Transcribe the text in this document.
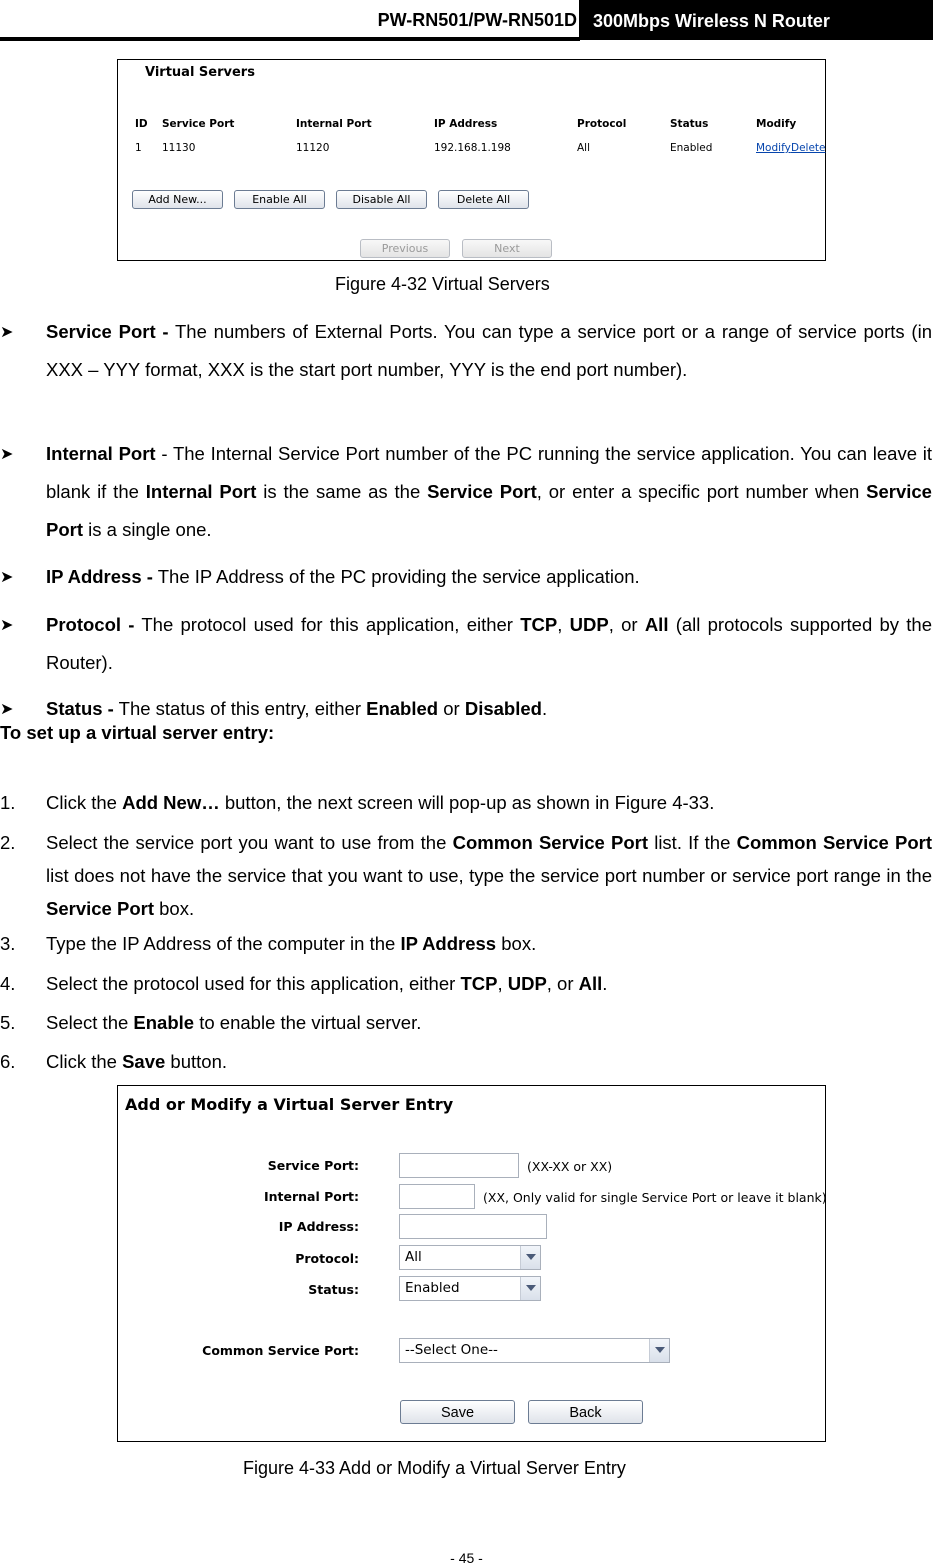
PW-RN501/PW-RN501D 300Mbps Wireless N Router
Virtual Servers
ID Service Port	Internal Port	IP Address	Protocol	Status	Modify
1 11130	11120	192.168.1.198	All	Enabled	Modify Delete
Add New...	Enable All	Disable All	Delete All
Previous	Next
Figure 4-32 Virtual Servers
➤ Service Port - The numbers of External Ports. You can type a service port or a range of service ports (in XXX – YYY format, XXX is the start port number, YYY is the end port number).
➤ Internal Port - The Internal Service Port number of the PC running the service application. You can leave it blank if the Internal Port is the same as the Service Port, or enter a specific port number when Service Port is a single one.
➤ IP Address - The IP Address of the PC providing the service application.
➤ Protocol - The protocol used for this application, either TCP, UDP, or All (all protocols supported by the Router).
➤ Status - The status of this entry, either Enabled or Disabled.
To set up a virtual server entry:
1. Click the Add New… button, the next screen will pop-up as shown in Figure 4-33.
2. Select the service port you want to use from the Common Service Port list. If the Common Service Port list does not have the service that you want to use, type the service port number or service port range in the Service Port box.
3. Type the IP Address of the computer in the IP Address box.
4. Select the protocol used for this application, either TCP, UDP, or All.
5. Select the Enable to enable the virtual server.
6. Click the Save button.
Add or Modify a Virtual Server Entry
Service Port:	(XX-XX or XX)
Internal Port:	(XX, Only valid for single Service Port or leave it blank)
IP Address:
Protocol:	All
Status:	Enabled
Common Service Port:	--Select One--
Save	Back
Figure 4-33 Add or Modify a Virtual Server Entry
- 45 -
